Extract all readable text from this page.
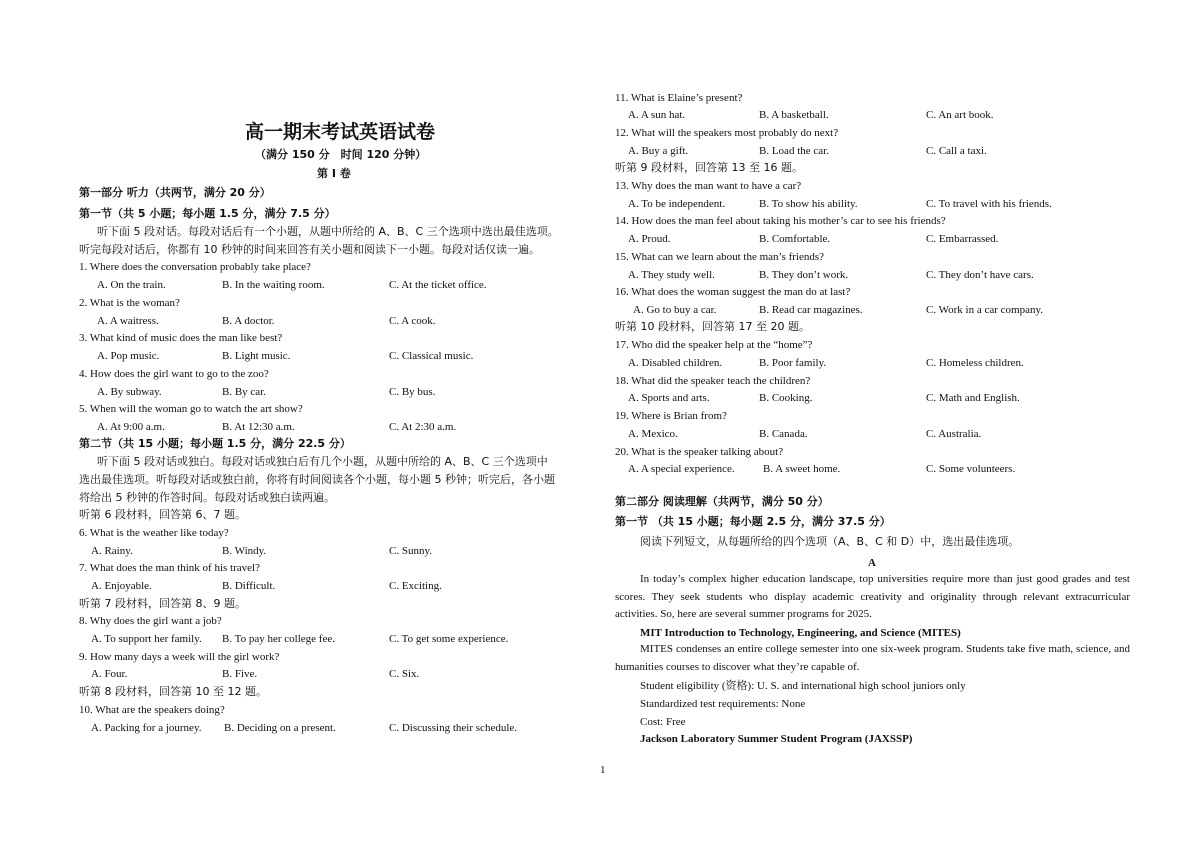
高一期末考试英语试卷
（满分 150 分　时间 120 分钟）
第 I 卷
第一部分 听力（共两节，满分 20 分）
第一节（共 5 小题；每小题 1.5 分，满分 7.5 分）
听下面 5 段对话。每段对话后有一个小题，从题中所给的 A、B、C 三个选项中选出最佳选项。
听完每段对话后，你都有 10 秒钟的时间来回答有关小题和阅读下一小题。每段对话仅读一遍。
1. Where does the conversation probably take place?
A. On the train.	B. In the waiting room.	C. At the ticket office.
2. What is the woman?
A. A waitress.	B. A doctor.	C. A cook.
3. What kind of music does the man like best?
A. Pop music.	B. Light music.	C. Classical music.
4. How does the girl want to go to the zoo?
A. By subway.	B. By car.	C. By bus.
5. When will the woman go to watch the art show?
A. At 9:00 a.m.	B. At 12:30 a.m.	C. At 2:30 a.m.
第二节（共 15 小题；每小题 1.5 分，满分 22.5 分）
听下面 5 段对话或独白。每段对话或独白后有几个小题，从题中所给的 A、B、C 三个选项中
选出最佳选项。听每段对话或独白前，你将有时间阅读各个小题，每小题 5 秒钟；听完后，各小题
将给出 5 秒钟的作答时间。每段对话或独白读两遍。
听第 6 段材料，回答第 6、7 题。
6. What is the weather like today?
A. Rainy.	B. Windy.	C. Sunny.
7. What does the man think of his travel?
A. Enjoyable.	B. Difficult.	C. Exciting.
听第 7 段材料，回答第 8、9 题。
8. Why does the girl want a job?
A. To support her family. B. To pay her college fee.	C. To get some experience.
9. How many days a week will the girl work?
A. Four.	B. Five.	C. Six.
听第 8 段材料，回答第 10 至 12 题。
10. What are the speakers doing?
A. Packing for a journey. B. Deciding on a present.	C. Discussing their schedule.
11. What is Elaine’s present?
A. A sun hat.	B. A basketball.	C. An art book.
12. What will the speakers most probably do next?
A. Buy a gift.	B. Load the car.	C. Call a taxi.
听第 9 段材料，回答第 13 至 16 题。
13. Why does the man want to have a car?
A. To be independent.	B. To show his ability.	C. To travel with his friends.
14. How does the man feel about taking his mother’s car to see his friends?
A. Proud.	B. Comfortable.	C. Embarrassed.
15. What can we learn about the man’s friends?
A. They study well.	B. They don’t work.	C. They don’t have cars.
16. What does the woman suggest the man do at last?
A. Go to buy a car.	B. Read car magazines.	C. Work in a car company.
听第 10 段材料，回答第 17 至 20 题。
17. Who did the speaker help at the “home”?
A. Disabled children.	B. Poor family.	C. Homeless children.
18. What did the speaker teach the children?
A. Sports and arts.	B. Cooking.	C. Math and English.
19. Where is Brian from?
A. Mexico.	B. Canada.	C. Australia.
20. What is the speaker talking about?
A. A special experience.	B. A sweet home.	C. Some volunteers.
第二部分 阅读理解（共两节，满分 50 分）
第一节 （共 15 小题；每小题 2.5 分，满分 37.5 分）
阅读下列短文，从每题所给的四个选项（A、B、C 和 D）中，选出最佳选项。
A
In today’s complex higher education landscape, top universities require more than just good grades and test scores. They seek students who display academic creativity and originality through relevant extracurricular activities. So, here are several summer programs for 2025.
MIT Introduction to Technology, Engineering, and Science (MITES)
MITES condenses an entire college semester into one six-week program. Students take five math, science, and humanities courses to discover what they’re capable of.
Student eligibility (资格): U. S. and international high school juniors only
Standardized test requirements: None
Cost: Free
Jackson Laboratory Summer Student Program (JAXSSP)
1
